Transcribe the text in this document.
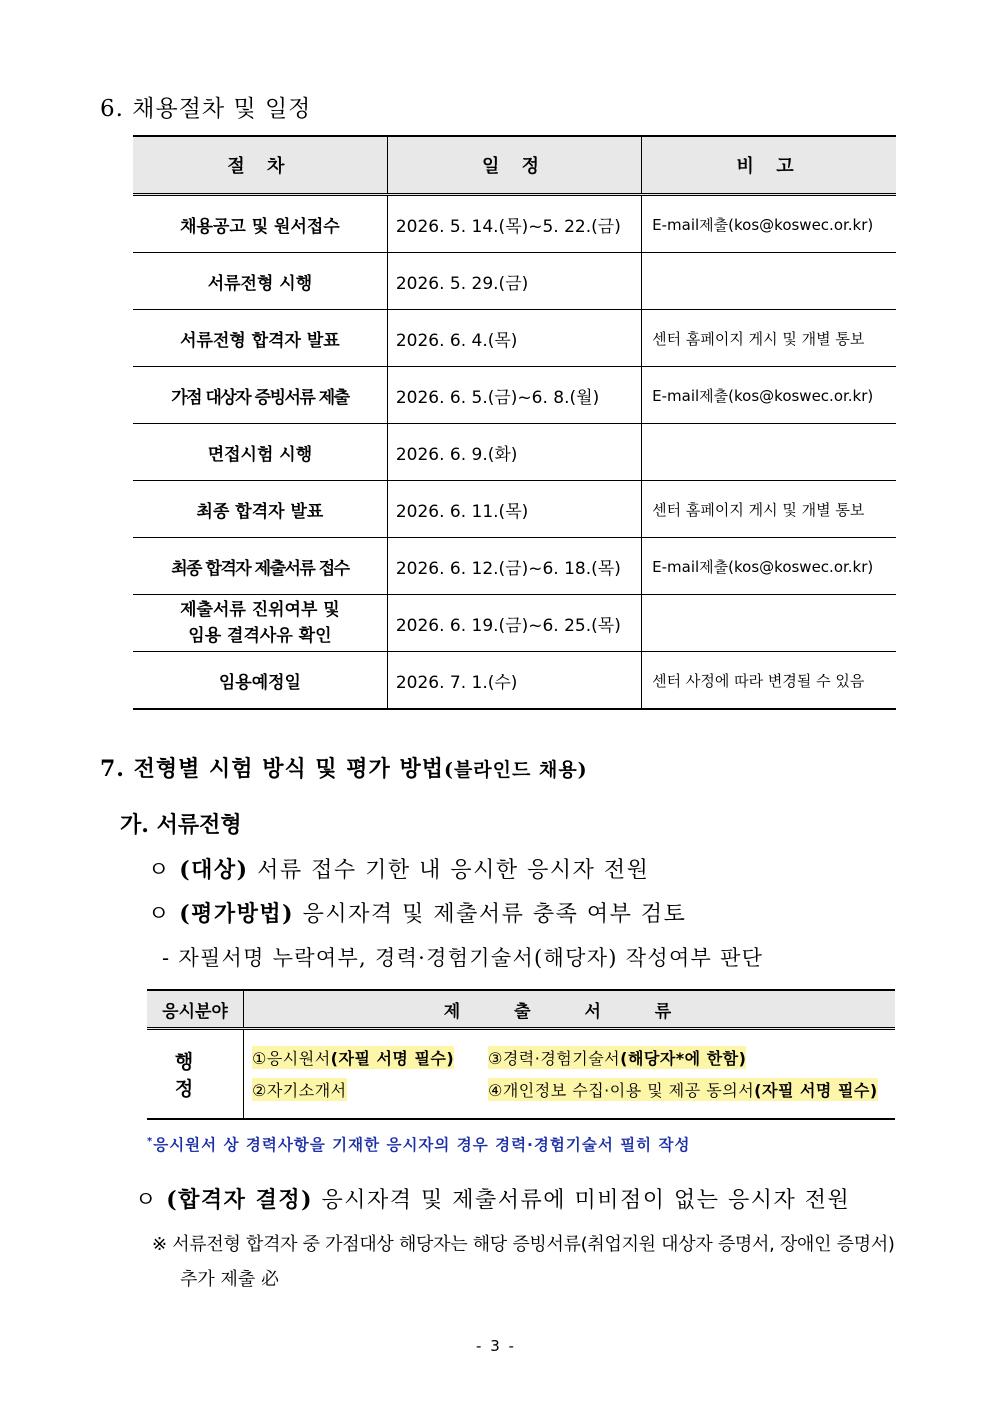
6. 채용절차 및 일정
절 차	일 정	비 고
채용공고 및 원서접수	2026. 5. 14.(목)~5. 22.(금)	E-mail제출(kos@koswec.or.kr)
서류전형 시행	2026. 5. 29.(금)	
서류전형 합격자 발표	2026. 6. 4.(목)	센터 홈페이지 게시 및 개별 통보
가점 대상자 증빙서류 제출	2026. 6. 5.(금)~6. 8.(월)	E-mail제출(kos@koswec.or.kr)
면접시험 시행	2026. 6. 9.(화)	
최종 합격자 발표	2026. 6. 11.(목)	센터 홈페이지 게시 및 개별 통보
최종 합격자 제출서류 접수	2026. 6. 12.(금)~6. 18.(목)	E-mail제출(kos@koswec.or.kr)

제출서류 진위여부 및
임용 결격사유 확인	2026. 6. 19.(금)~6. 25.(목)	
임용예정일	2026. 7. 1.(수)	센터 사정에 따라 변경될 수 있음
7. 전형별 시험 방식 및 평가 방법(블라인드 채용)
가. 서류전형
ㅇ (대상) 서류 접수 기한 내 응시한 응시자 전원
ㅇ (평가방법) 응시자격 및 제출서류 충족 여부 검토
- 자필서명 누락여부, 경력·경험기술서(해당자) 작성여부 판단
응시분야	제 출 서 류
행 정	①응시원서(자필 서명 필수) ③경력·경험기술서(해당자*에 한함)
②자기소개서 ④개인정보 수집·이용 및 제공 동의서(자필 서명 필수)
*응시원서 상 경력사항을 기재한 응시자의 경우 경력·경험기술서 필히 작성
ㅇ (합격자 결정) 응시자격 및 제출서류에 미비점이 없는 응시자 전원
※ 서류전형 합격자 중 가점대상 해당자는 해당 증빙서류(취업지원 대상자 증명서, 장애인 증명서)
추가 제출 必
- 3 -
